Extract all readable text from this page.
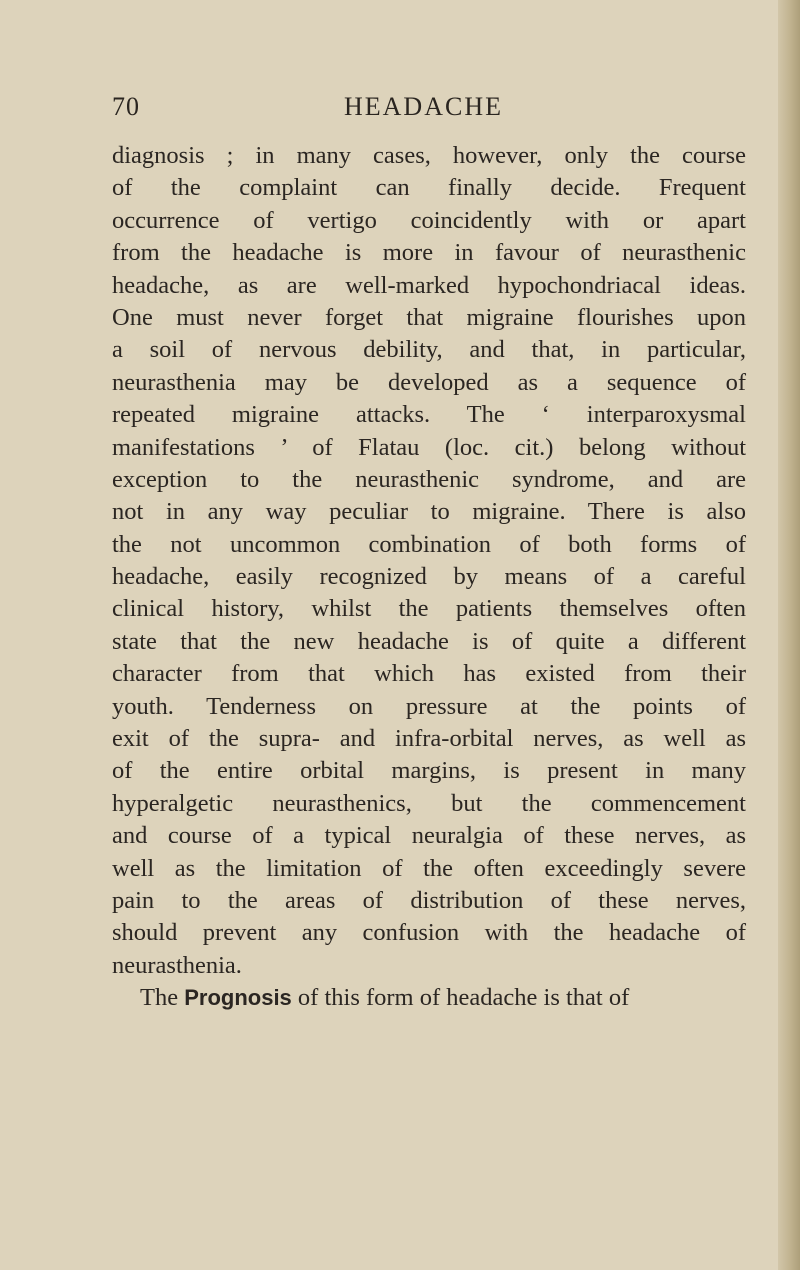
70	HEADACHE
diagnosis ; in many cases, however, only the course
of the complaint can finally decide. Frequent
occurrence of vertigo coincidently with or apart
from the headache is more in favour of neurasthenic
headache, as are well-marked hypochondriacal ideas.
One must never forget that migraine flourishes upon
a soil of nervous debility, and that, in particular,
neurasthenia may be developed as a sequence of
repeated migraine attacks. The ‘ interparoxysmal
manifestations ’ of Flatau (loc. cit.) belong without
exception to the neurasthenic syndrome, and are
not in any way peculiar to migraine. There is also
the not uncommon combination of both forms of
headache, easily recognized by means of a careful
clinical history, whilst the patients themselves often
state that the new headache is of quite a different
character from that which has existed from their
youth. Tenderness on pressure at the points of
exit of the supra- and infra-orbital nerves, as well as
of the entire orbital margins, is present in many
hyperalgetic neurasthenics, but the commencement
and course of a typical neuralgia of these nerves, as
well as the limitation of the often exceedingly severe
pain to the areas of distribution of these nerves,
should prevent any confusion with the headache of
neurasthenia.
The Prognosis of this form of headache is that of
